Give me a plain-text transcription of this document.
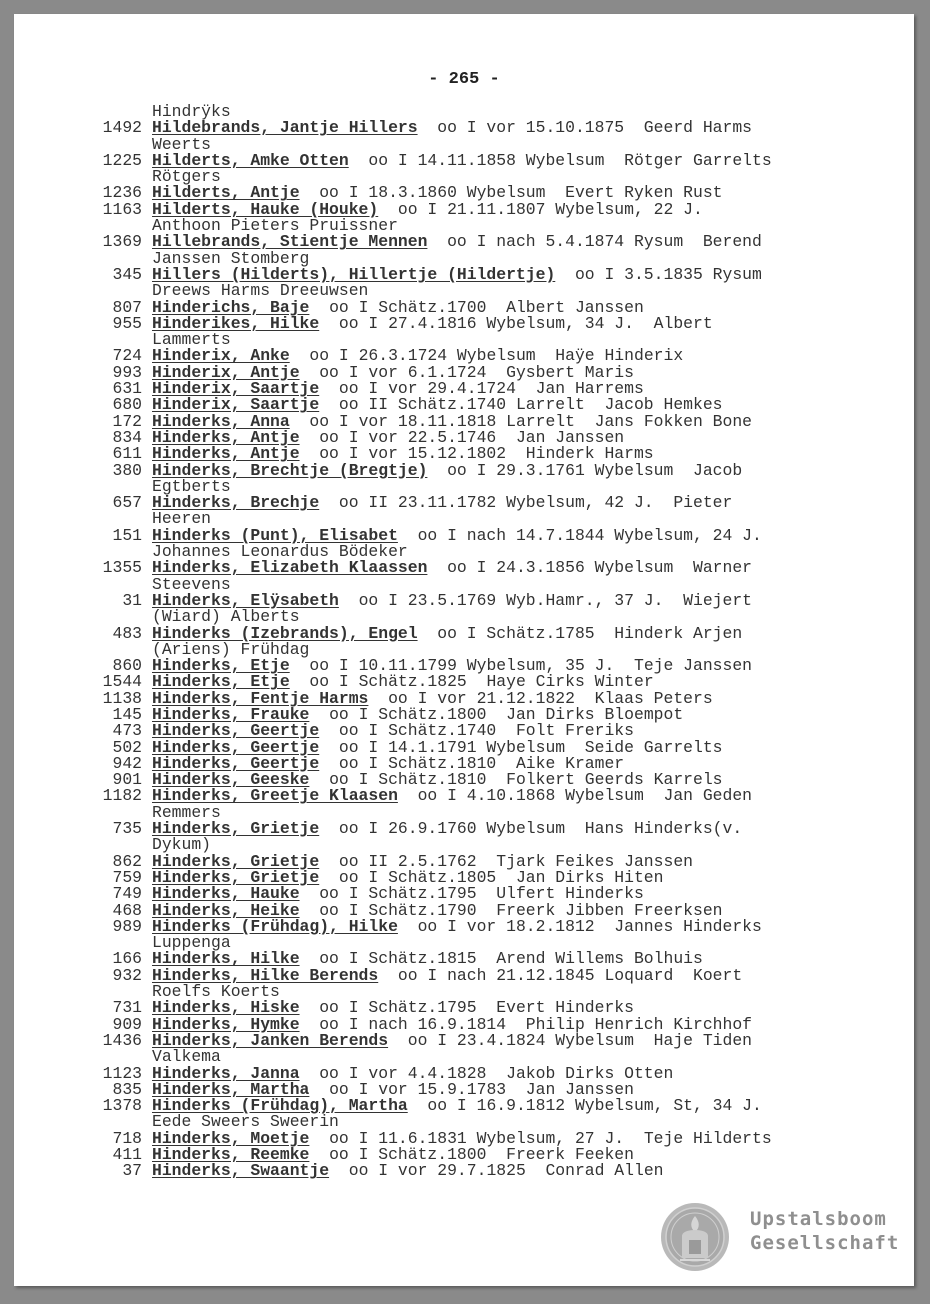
- 265 -
Hindrÿks
1492 Hildebrands, Jantje Hillers  oo I vor 15.10.1875  Geerd Harms
Weerts
1225 Hilderts, Amke Otten  oo I 14.11.1858 Wybelsum  Rötger Garrelts
Rötgers
1236 Hilderts, Antje  oo I 18.3.1860 Wybelsum  Evert Ryken Rust
1163 Hilderts, Hauke (Houke)  oo I 21.11.1807 Wybelsum, 22 J.
Anthoon Pieters Pruissner
1369 Hillebrands, Stientje Mennen  oo I nach 5.4.1874 Rysum  Berend
Janssen Stomberg
345 Hillers (Hilderts), Hillertje (Hildertje)  oo I 3.5.1835 Rysum
Dreews Harms Dreeuwsen
807 Hinderichs, Baje  oo I Schätz.1700  Albert Janssen
955 Hinderikes, Hilke  oo I 27.4.1816 Wybelsum, 34 J.  Albert
Lammerts
724 Hinderix, Anke  oo I 26.3.1724 Wybelsum  Haÿe Hinderix
993 Hinderix, Antje  oo I vor 6.1.1724  Gysbert Maris
631 Hinderix, Saartje  oo I vor 29.4.1724  Jan Harrems
680 Hinderix, Saartje  oo II Schätz.1740 Larrelt  Jacob Hemkes
172 Hinderks, Anna  oo I vor 18.11.1818 Larrelt  Jans Fokken Bone
834 Hinderks, Antje  oo I vor 22.5.1746  Jan Janssen
611 Hinderks, Antje  oo I vor 15.12.1802  Hinderk Harms
380 Hinderks, Brechtje (Bregtje)  oo I 29.3.1761 Wybelsum  Jacob
Egtberts
657 Hinderks, Brechje  oo II 23.11.1782 Wybelsum, 42 J.  Pieter
Heeren
151 Hinderks (Punt), Elisabet  oo I nach 14.7.1844 Wybelsum, 24 J.
Johannes Leonardus Bödeker
1355 Hinderks, Elizabeth Klaassen  oo I 24.3.1856 Wybelsum  Warner
Steevens
31 Hinderks, Elÿsabeth  oo I 23.5.1769 Wyb.Hamr., 37 J.  Wiejert
(Wiard) Alberts
483 Hinderks (Izebrands), Engel  oo I Schätz.1785  Hinderk Arjen
(Ariens) Frühdag
860 Hinderks, Etje  oo I 10.11.1799 Wybelsum, 35 J.  Teje Janssen
1544 Hinderks, Etje  oo I Schätz.1825  Haye Cirks Winter
1138 Hinderks, Fentje Harms  oo I vor 21.12.1822  Klaas Peters
145 Hinderks, Frauke  oo I Schätz.1800  Jan Dirks Bloempot
473 Hinderks, Geertje  oo I Schätz.1740  Folt Freriks
502 Hinderks, Geertje  oo I 14.1.1791 Wybelsum  Seide Garrelts
942 Hinderks, Geertje  oo I Schätz.1810  Aike Kramer
901 Hinderks, Geeske  oo I Schätz.1810  Folkert Geerds Karrels
1182 Hinderks, Greetje Klaasen  oo I 4.10.1868 Wybelsum  Jan Geden
Remmers
735 Hinderks, Grietje  oo I 26.9.1760 Wybelsum  Hans Hinderks(v.
Dykum)
862 Hinderks, Grietje  oo II 2.5.1762  Tjark Feikes Janssen
759 Hinderks, Grietje  oo I Schätz.1805  Jan Dirks Hiten
749 Hinderks, Hauke  oo I Schätz.1795  Ulfert Hinderks
468 Hinderks, Heike  oo I Schätz.1790  Freerk Jibben Freerksen
989 Hinderks (Frühdag), Hilke  oo I vor 18.2.1812  Jannes Hinderks
Luppenga
166 Hinderks, Hilke  oo I Schätz.1815  Arend Willems Bolhuis
932 Hinderks, Hilke Berends  oo I nach 21.12.1845 Loquard  Koert
Roelfs Koerts
731 Hinderks, Hiske  oo I Schätz.1795  Evert Hinderks
909 Hinderks, Hymke  oo I nach 16.9.1814  Philip Henrich Kirchhof
1436 Hinderks, Janken Berends  oo I 23.4.1824 Wybelsum  Haje Tiden
Valkema
1123 Hinderks, Janna  oo I vor 4.4.1828  Jakob Dirks Otten
835 Hinderks, Martha  oo I vor 15.9.1783  Jan Janssen
1378 Hinderks (Frühdag), Martha  oo I 16.9.1812 Wybelsum, St, 34 J.
Eede Sweers Sweerin
718 Hinderks, Moetje  oo I 11.6.1831 Wybelsum, 27 J.  Teje Hilderts
411 Hinderks, Reemke  oo I Schätz.1800  Freerk Feeken
37 Hinderks, Swaantje  oo I vor 29.7.1825  Conrad Allen
Upstalsboom
Gesellschaft
